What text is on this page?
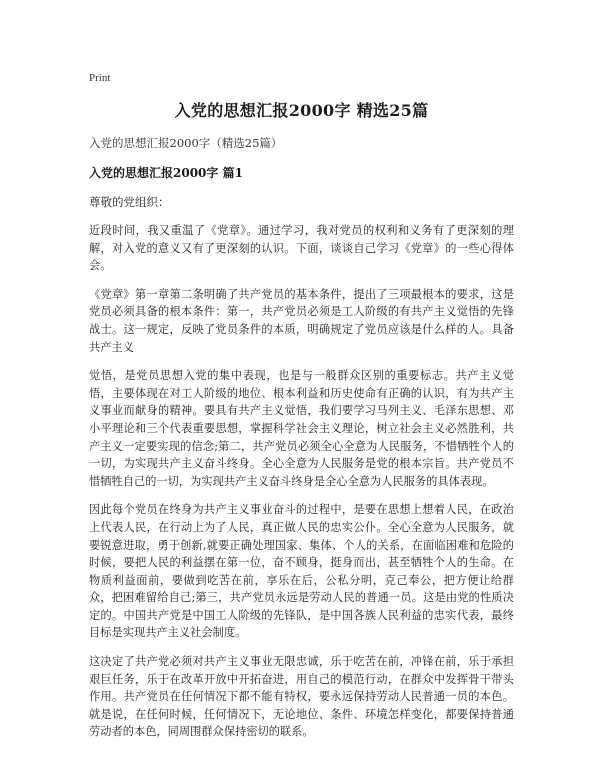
Print
入党的思想汇报2000字 精选25篇
入党的思想汇报2000字（精选25篇）
入党的思想汇报2000字 篇1
尊敬的党组织：
近段时间，我又重温了《党章》。通过学习，我对党员的权利和义务有了更深刻的理解，对入党的意义又有了更深刻的认识。下面，谈谈自己学习《党章》的一些心得体会。
《党章》第一章第二条明确了共产党员的基本条件，提出了三项最根本的要求，这是党员必须具备的根本条件：第一，共产党员必须是工人阶级的有共产主义觉悟的先锋战士。这一规定，反映了党员条件的本质，明确规定了党员应该是什么样的人。具备共产主义
觉悟，是党员思想入党的集中表现，也是与一般群众区别的重要标志。共产主义觉悟，主要体现在对工人阶级的地位、根本利益和历史使命有正确的认识，有为共产主义事业而献身的精神。要具有共产主义觉悟，我们要学习马列主义、毛泽东思想、邓小平理论和三个代表重要思想，掌握科学社会主义理论，树立社会主义必然胜利，共产主义一定要实现的信念;第二，共产党员必须全心全意为人民服务，不惜牺牲个人的一切，为实现共产主义奋斗终身。全心全意为人民服务是党的根本宗旨。共产党员不惜牺牲自己的一切，为实现共产主义奋斗终身是全心全意为人民服务的具体表现。
因此每个党员在终身为共产主义事业奋斗的过程中，是要在思想上想着人民，在政治上代表人民，在行动上为了人民，真正做人民的忠实公仆。全心全意为人民服务，就要锐意进取，勇于创新,就要正确处理国家、集体、个人的关系，在面临困难和危险的时候，要把人民的利益摆在第一位，奋不顾身，挺身而出，甚至牺牲个人的生命。在物质利益面前，要做到吃苦在前，享乐在后，公私分明，克己奉公，把方便让给群众，把困难留给自己;第三，共产党员永远是劳动人民的普通一员。这是由党的性质决定的。中国共产党是中国工人阶级的先锋队，是中国各族人民利益的忠实代表，最终目标是实现共产主义社会制度。
这决定了共产党必须对共产主义事业无限忠诚，乐于吃苦在前，冲锋在前，乐于承担艰巨任务，乐于在改革开放中开拓奋进，用自己的模范行动，在群众中发挥骨干带头作用。共产党员在任何情况下都不能有特权，要永远保持劳动人民普通一员的本色。就是说，在任何时候，任何情况下，无论地位、条件、环境怎样变化，都要保持普通劳动者的本色，同周围群众保持密切的联系。
